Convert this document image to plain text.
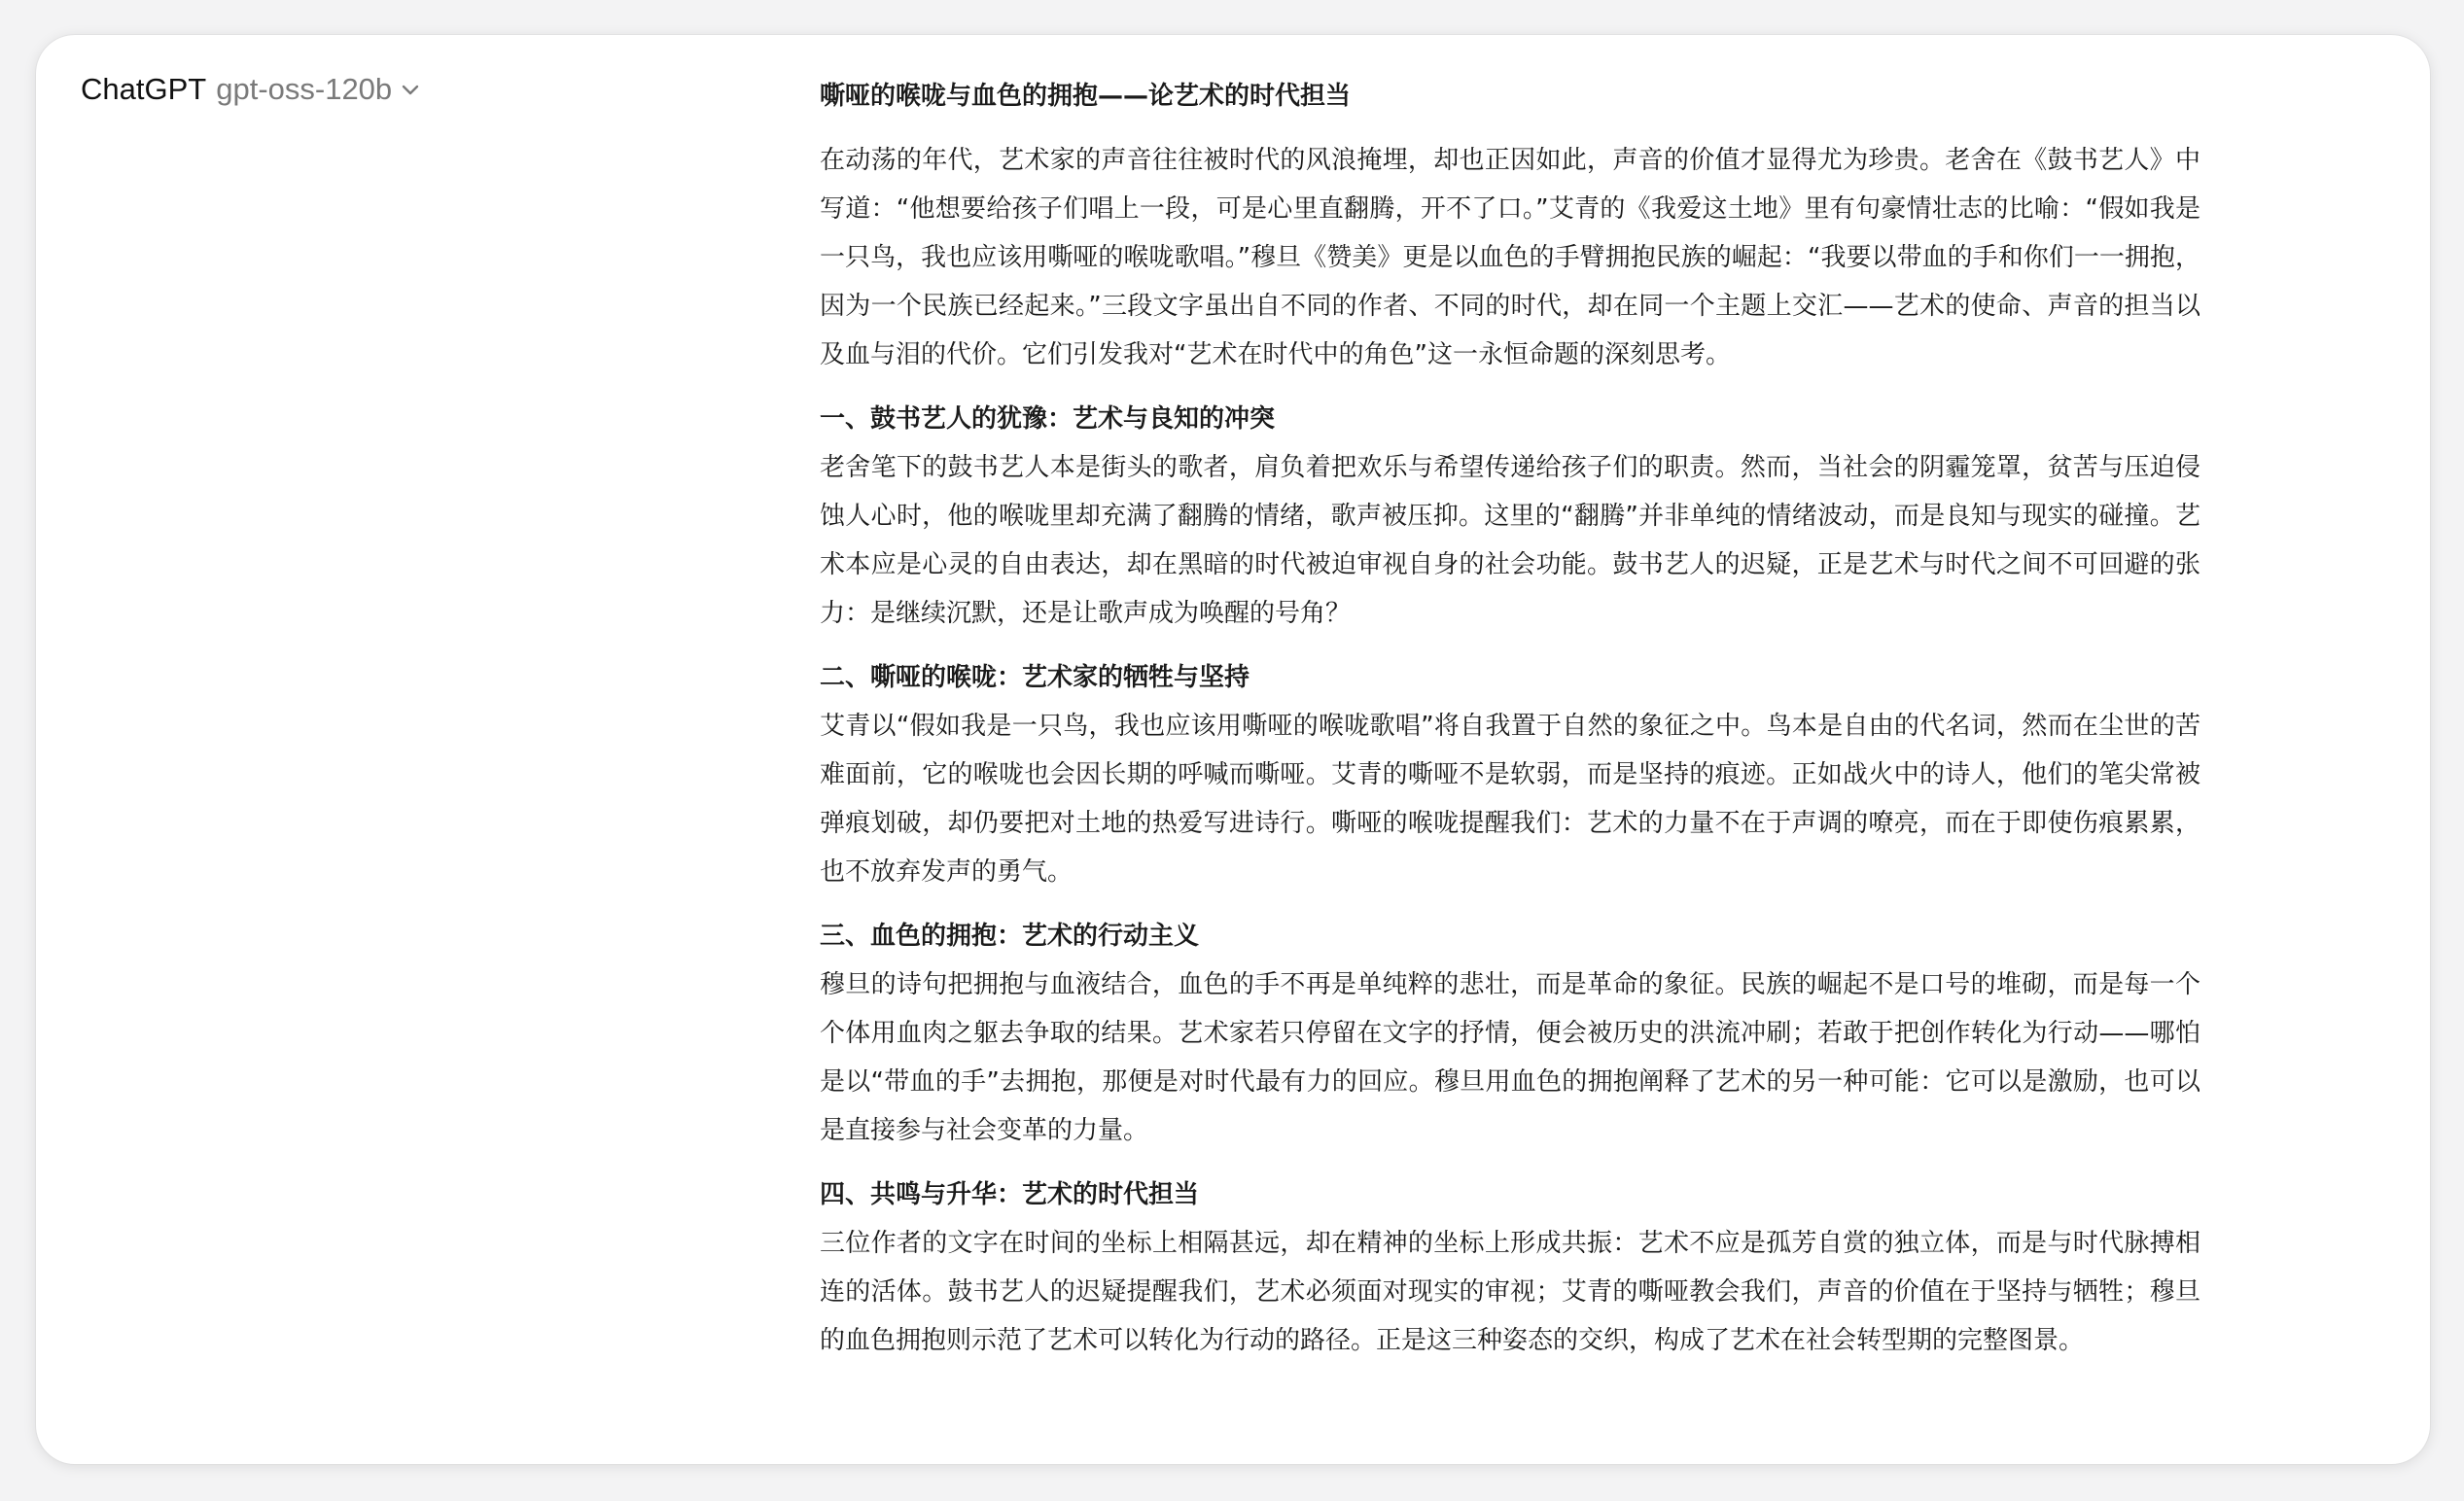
ChatGPT gpt-oss-120b	嘶哑的喉咙与血色的拥抱——论艺术的时代担当

在动荡的年代，艺术家的声音往往被时代的风浪掩埋，却也正因如此，声音的价值才显得尤为珍贵。老舍在《鼓书艺人》中写道：“他想要给孩子们唱上一段，可是心里直翻腾，开不了口。”艾青的《我爱这土地》里有句豪情壮志的比喻：“假如我是一只鸟，我也应该用嘶哑的喉咙歌唱。”穆旦《赞美》更是以血色的手臂拥抱民族的崛起：“我要以带血的手和你们一一拥抱，因为一个民族已经起来。”三段文字虽出自不同的作者、不同的时代，却在同一个主题上交汇——艺术的使命、声音的担当以及血与泪的代价。它们引发我对“艺术在时代中的角色”这一永恒命题的深刻思考。

一、鼓书艺人的犹豫：艺术与良知的冲突

老舍笔下的鼓书艺人本是街头的歌者，肩负着把欢乐与希望传递给孩子们的职责。然而，当社会的阴霾笼罩，贫苦与压迫侵蚀人心时，他的喉咙里却充满了翻腾的情绪，歌声被压抑。这里的“翻腾”并非单纯的情绪波动，而是良知与现实的碰撞。艺术本应是心灵的自由表达，却在黑暗的时代被迫审视自身的社会功能。鼓书艺人的迟疑，正是艺术与时代之间不可回避的张力：是继续沉默，还是让歌声成为唤醒的号角？

二、嘶哑的喉咙：艺术家的牺牲与坚持

艾青以“假如我是一只鸟，我也应该用嘶哑的喉咙歌唱”将自我置于自然的象征之中。鸟本是自由的代名词，然而在尘世的苦难面前，它的喉咙也会因长期的呼喊而嘶哑。艾青的嘶哑不是软弱，而是坚持的痕迹。正如战火中的诗人，他们的笔尖常被弹痕划破，却仍要把对土地的热爱写进诗行。嘶哑的喉咙提醒我们：艺术的力量不在于声调的嘹亮，而在于即使伤痕累累，也不放弃发声的勇气。

三、血色的拥抱：艺术的行动主义

穆旦的诗句把拥抱与血液结合，血色的手不再是单纯粹的悲壮，而是革命的象征。民族的崛起不是口号的堆砌，而是每一个个体用血肉之躯去争取的结果。艺术家若只停留在文字的抒情，便会被历史的洪流冲刷；若敢于把创作转化为行动——哪怕是以“带血的手”去拥抱，那便是对时代最有力的回应。穆旦用血色的拥抱阐释了艺术的另一种可能：它可以是激励，也可以是直接参与社会变革的力量。

四、共鸣与升华：艺术的时代担当

三位作者的文字在时间的坐标上相隔甚远，却在精神的坐标上形成共振：艺术不应是孤芳自赏的独立体，而是与时代脉搏相连的活体。鼓书艺人的迟疑提醒我们，艺术必须面对现实的审视；艾青的嘶哑教会我们，声音的价值在于坚持与牺牲；穆旦的血色拥抱则示范了艺术可以转化为行动的路径。正是这三种姿态的交织，构成了艺术在社会转型期的完整图景。
